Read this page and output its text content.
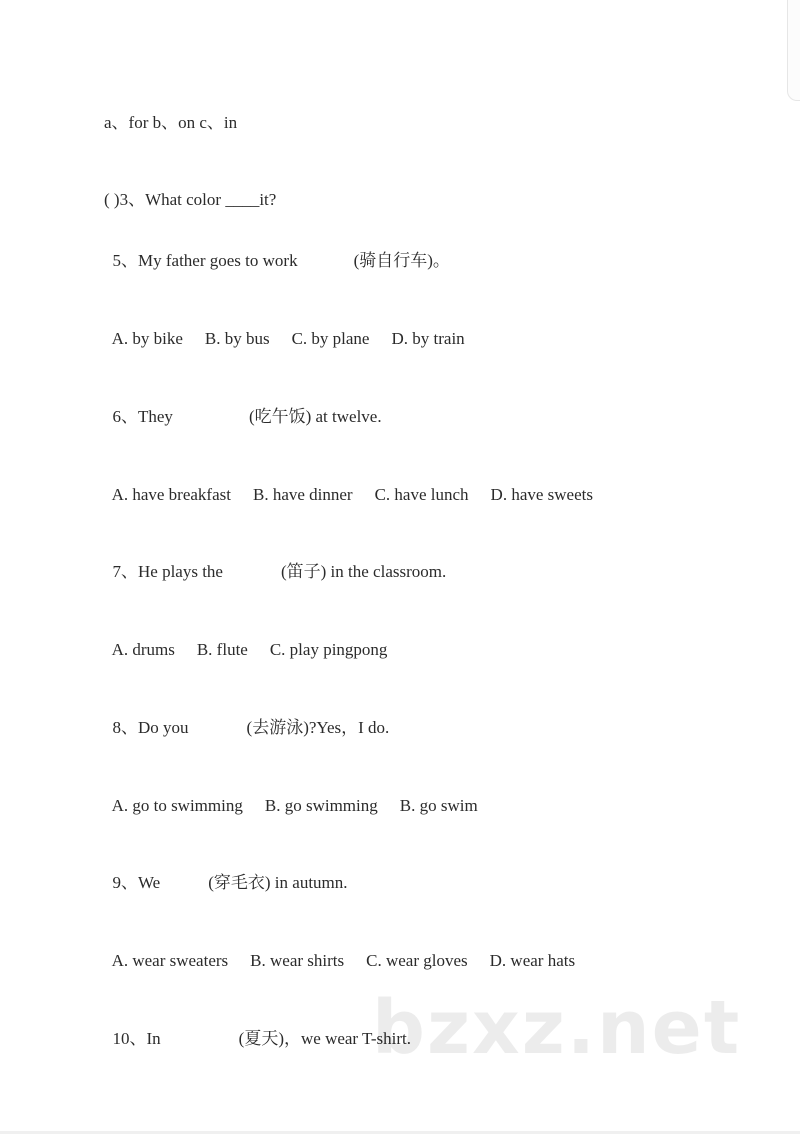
a、for b、on c、in
( )3、What color ____it?

5、My father goes to work	(骑自行车)。

A. by bike B. by bus C. by plane D. by train

6、They	(吃午饭) at twelve.

A. have breakfast B. have dinner C. have lunch D. have sweets

7、He plays the	(笛子) in the classroom.

A. drums B. flute C. play pingpong

8、Do you	(去游泳)?Yes，I do.

A. go to swimming B. go swimming B. go swim

9、We	(穿毛衣) in autumn.

A. wear sweaters B. wear shirts C. wear gloves D. wear hats

10、In	(夏天)，we wear T-shirt.

bzxz.net
